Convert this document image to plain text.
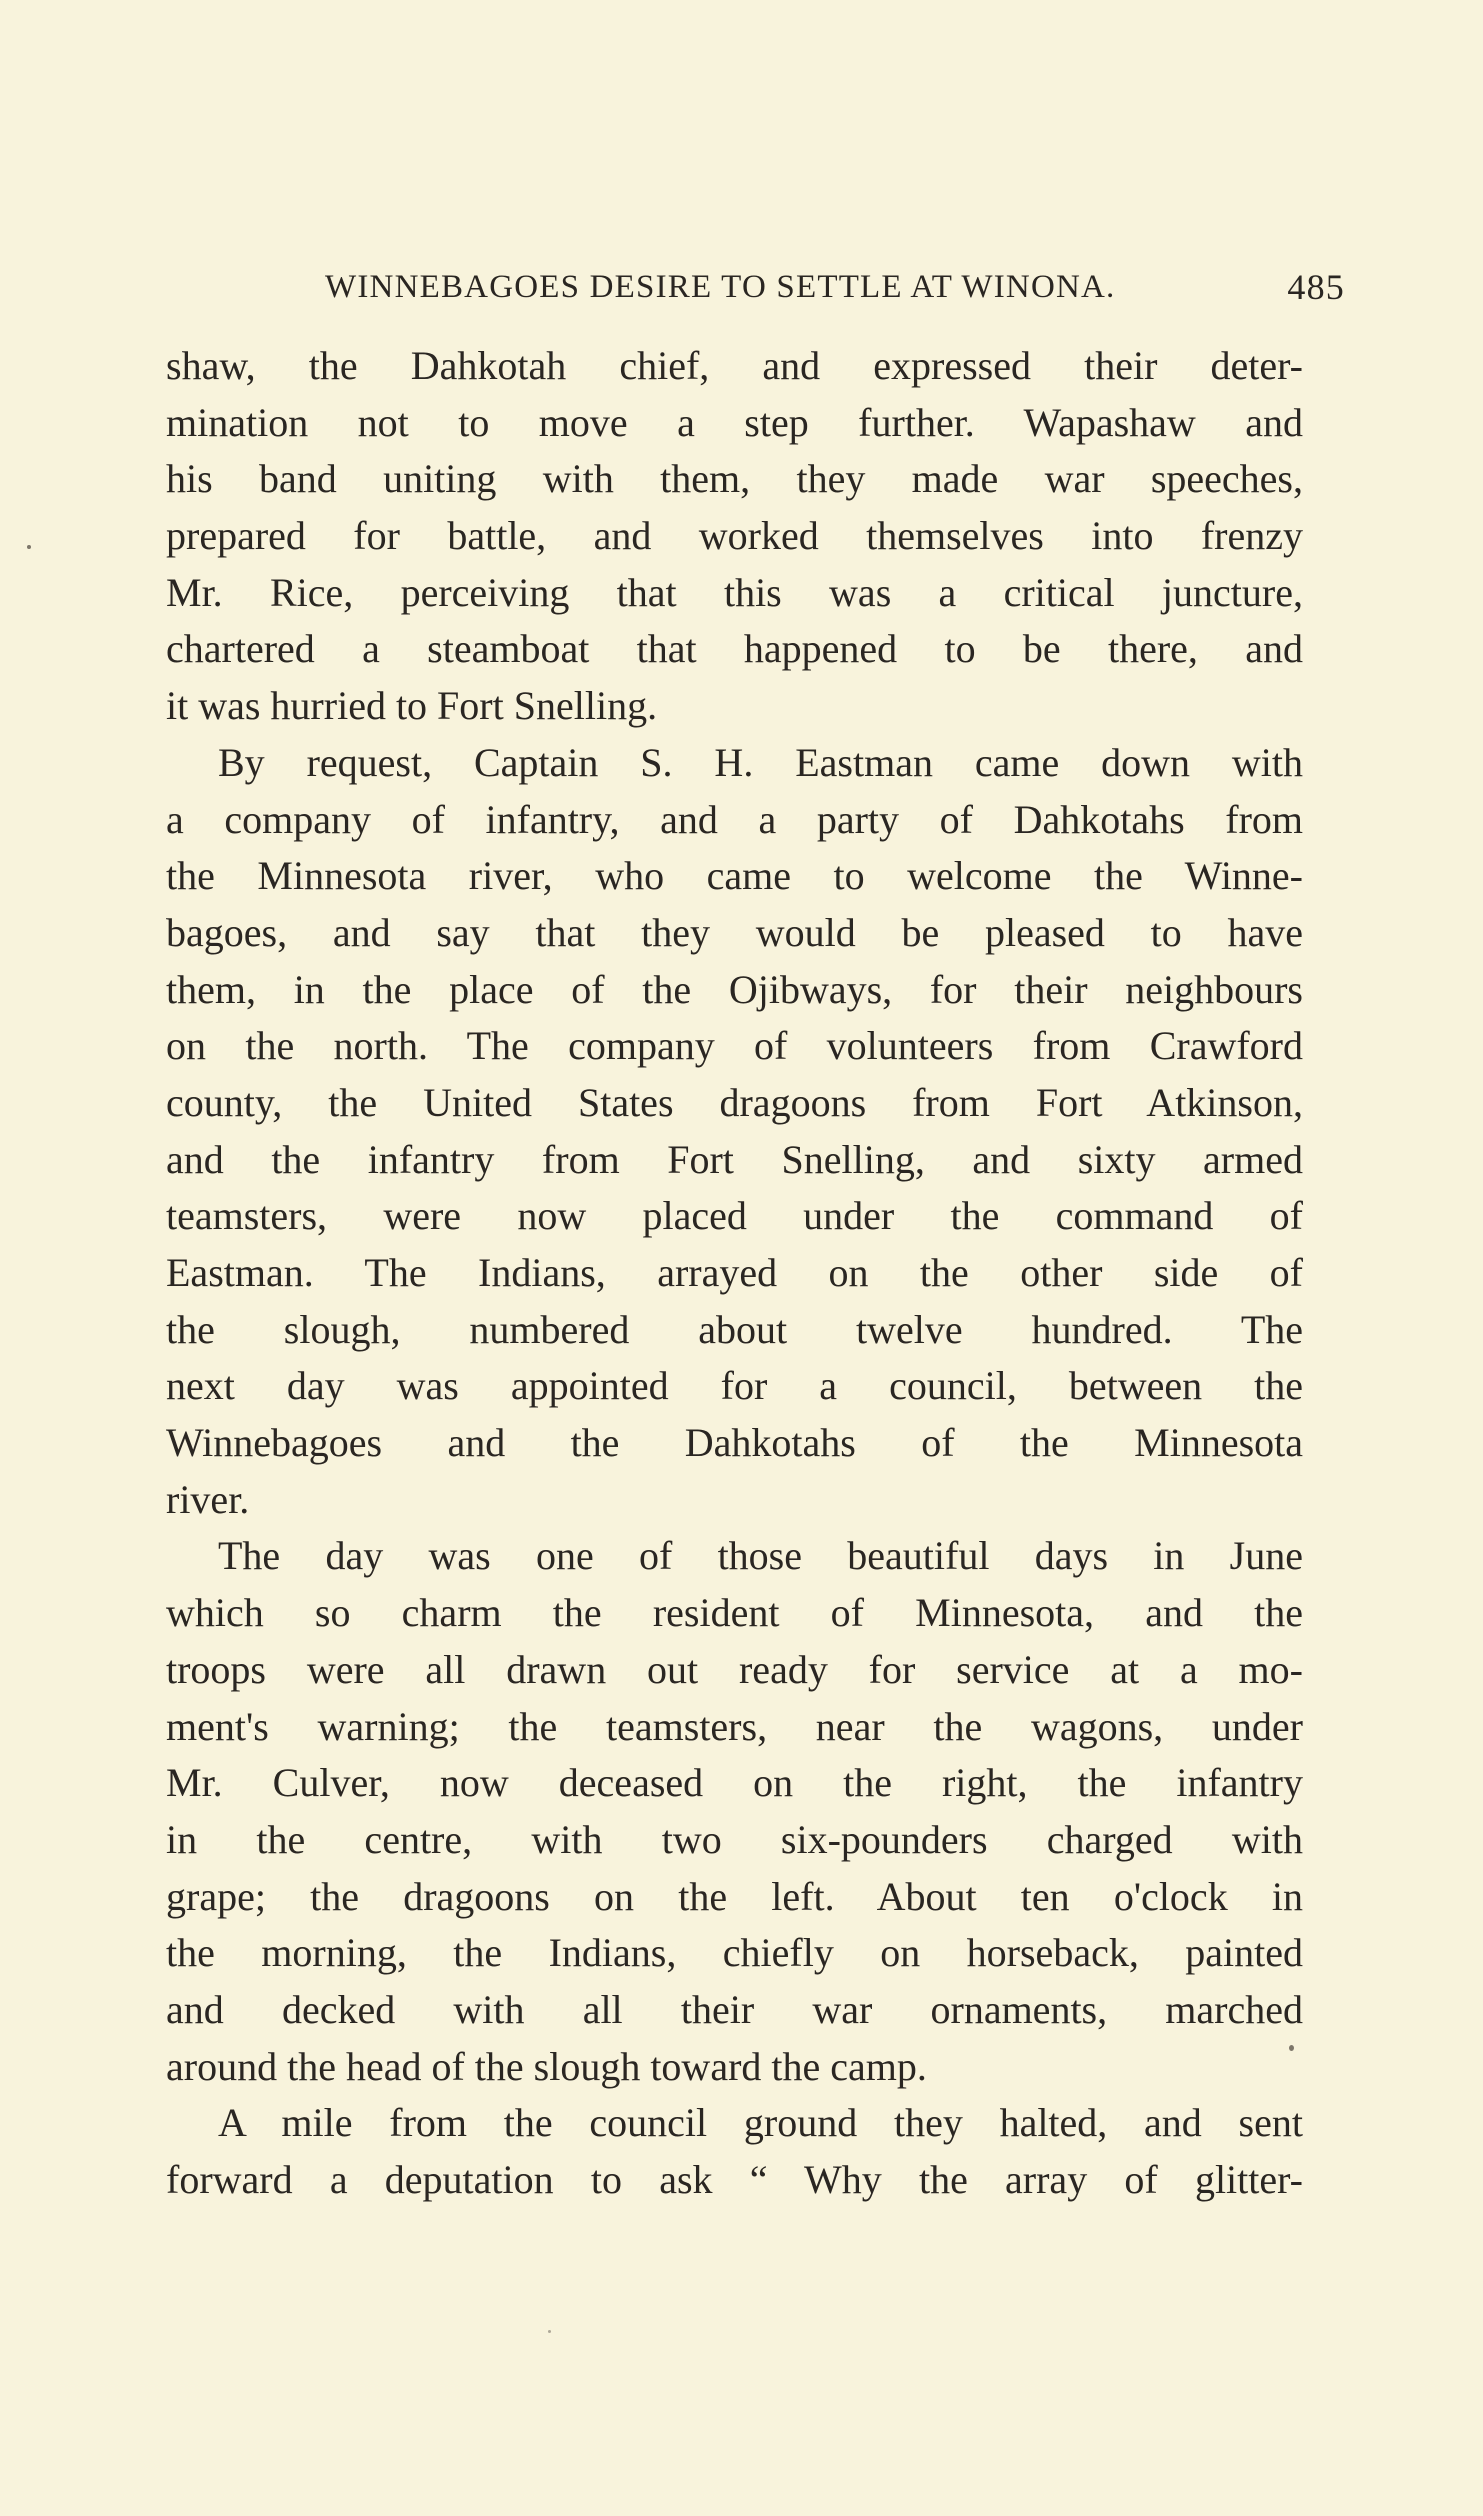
WINNEBAGOES DESIRE TO SETTLE AT WINONA.	485
shaw, the Dahkotah chief, and expressed their deter-
mination not to move a step further. Wapashaw and
his band uniting with them, they made war speeches,
prepared for battle, and worked themselves into frenzy
Mr. Rice, perceiving that this was a critical juncture,
chartered a steamboat that happened to be there, and
it was hurried to Fort Snelling.
By request, Captain S. H. Eastman came down with
a company of infantry, and a party of Dahkotahs from
the Minnesota river, who came to welcome the Winne-
bagoes, and say that they would be pleased to have
them, in the place of the Ojibways, for their neighbours
on the north. The company of volunteers from Crawford
county, the United States dragoons from Fort Atkinson,
and the infantry from Fort Snelling, and sixty armed
teamsters, were now placed under the command of
Eastman. The Indians, arrayed on the other side of
the slough, numbered about twelve hundred. The
next day was appointed for a council, between the
Winnebagoes and the Dahkotahs of the Minnesota
river.
The day was one of those beautiful days in June
which so charm the resident of Minnesota, and the
troops were all drawn out ready for service at a mo-
ment's warning; the teamsters, near the wagons, under
Mr. Culver, now deceased on the right, the infantry
in the centre, with two six-pounders charged with
grape; the dragoons on the left. About ten o'clock in
the morning, the Indians, chiefly on horseback, painted
and decked with all their war ornaments, marched
around the head of the slough toward the camp.
A mile from the council ground they halted, and sent
forward a deputation to ask “ Why the array of glitter-
